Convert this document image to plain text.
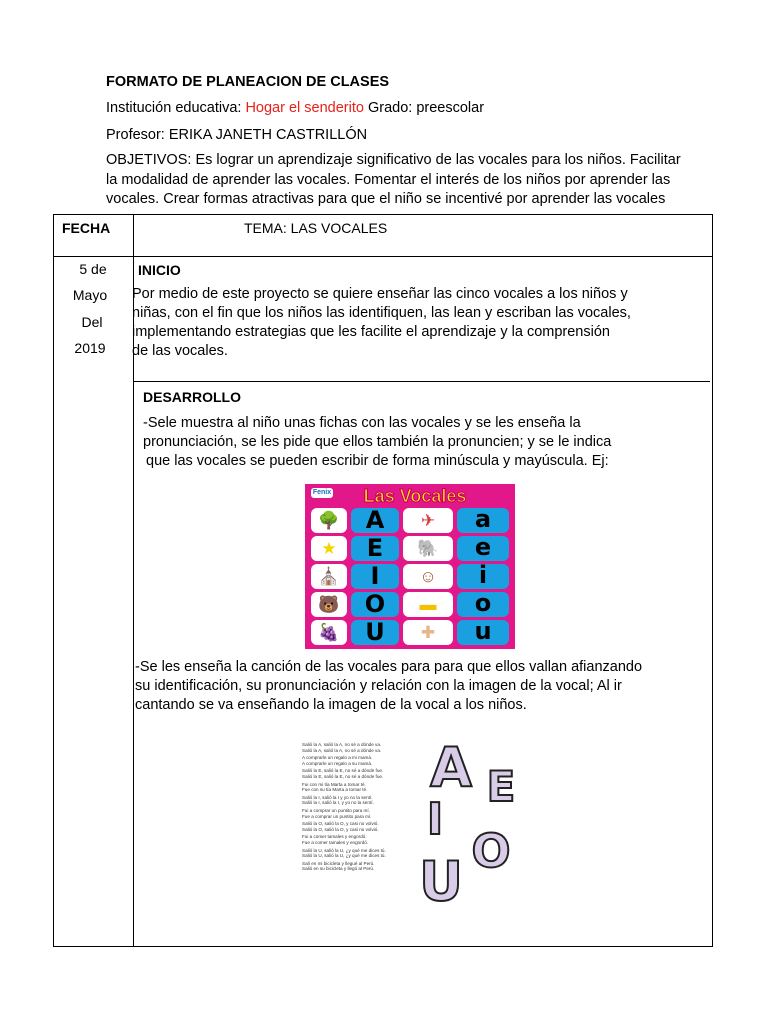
FORMATO DE PLANEACION DE CLASES
Institución educativa: Hogar el senderito Grado: preescolar
Profesor: ERIKA JANETH CASTRILLÓN
OBJETIVOS: Es lograr un aprendizaje significativo de las vocales para los niños. Facilitar
la modalidad de aprender las vocales. Fomentar el interés de los niños por aprender las
vocales. Crear formas atractivas para que el niño se incentivé por aprender las vocales
FECHA	TEMA: LAS VOCALES
5 de
Mayo
Del
2019
INICIO
Por medio de este proyecto se quiere enseñar las cinco vocales a los niños y
niñas, con el fin que los niños las identifiquen, las lean y escriban las vocales,
implementando estrategias que les facilite el aprendizaje y la comprensión
de las vocales.
DESARROLLO
-Sele muestra al niño unas fichas con las vocales y se les enseña la
pronunciación, se les pide que ellos también la pronuncien; y se le indica
que las vocales se pueden escribir de forma minúscula y mayúscula. Ej:
Fenix	Las Vocales
🌳	A	✈	a
★	E	🐘	e
⛪	I	☺	i
🐻	O	▬	o
🍇	U	✚	u
-Se les enseña la canción de las vocales para para que ellos vallan afianzando
su identificación, su pronunciación y relación con la imagen de la vocal; Al ir
cantando se va enseñando la imagen de la vocal a los niños.
Salió la A, salió la A, no sé a dónde va.
Salió la A, salió la A, no sé a dónde va.
A comprarle un regalo a mi mamá.
A comprarle un regalo a su mamá.
Salió la E, salió la E, no sé a dónde fue.
Salió la E, salió la E, no sé a dónde fue.
Fui con mi tía Marta a tomar té.
Fue con su tía Marta a tomar té.
Salió la I, salió la I y yo no la sentí.
Salió la I, salió la I, y yo no la sentí.
Fui a comprar un puntito para mí.
Fue a comprar un puntito para mí.
Salió la O, salió la O, y casi no volvió.
Salió la O, salió la O, y casi no volvió.
Fui a comer tamales y engordó.
Fue a comer tamales y engordó.
Salió la U, salió la U, ¿y qué me dices tú.
Salió la U, salió la U, ¿y qué me dices tú.
Salí en mi bicicleta y llegué al Perú.
Salió en su bicicleta y llegó al Perú.
A E
I
O
U
